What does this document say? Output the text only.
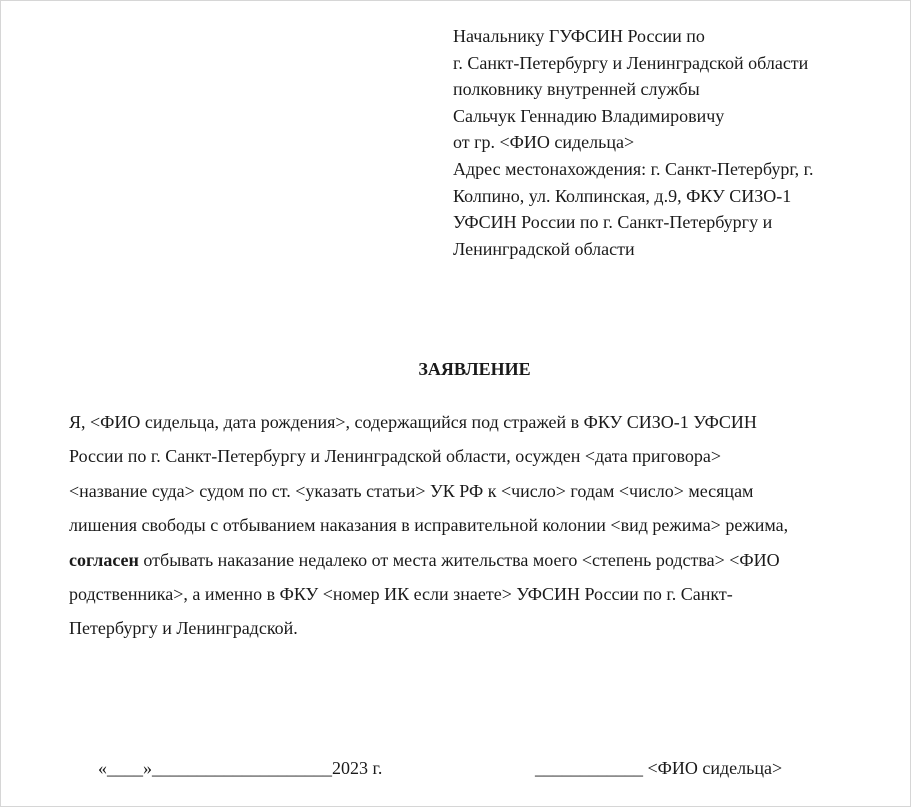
Начальнику ГУФСИН России по
г. Санкт-Петербургу и Ленинградской области
полковнику внутренней службы
Сальчук Геннадию Владимировичу
от гр. <ФИО сидельца>
Адрес местонахождения: г. Санкт-Петербург, г.
Колпино, ул. Колпинская, д.9, ФКУ СИЗО-1
УФСИН России по г. Санкт-Петербургу и
Ленинградской области
ЗАЯВЛЕНИЕ
Я, <ФИО сидельца, дата рождения>, содержащийся под стражей в ФКУ СИЗО-1 УФСИН
России по г. Санкт-Петербургу и Ленинградской области, осужден <дата приговора>
<название суда> судом по ст. <указать статьи> УК РФ к <число> годам <число> месяцам
лишения свободы с отбыванием наказания в исправительной колонии <вид режима> режима,
согласен отбывать наказание недалеко от места жительства моего <степень родства> <ФИО
родственника>, а именно в ФКУ <номер ИК если знаете> УФСИН России по г. Санкт-
Петербургу и Ленинградской.
«____»____________________2023 г.	____________ <ФИО сидельца>
